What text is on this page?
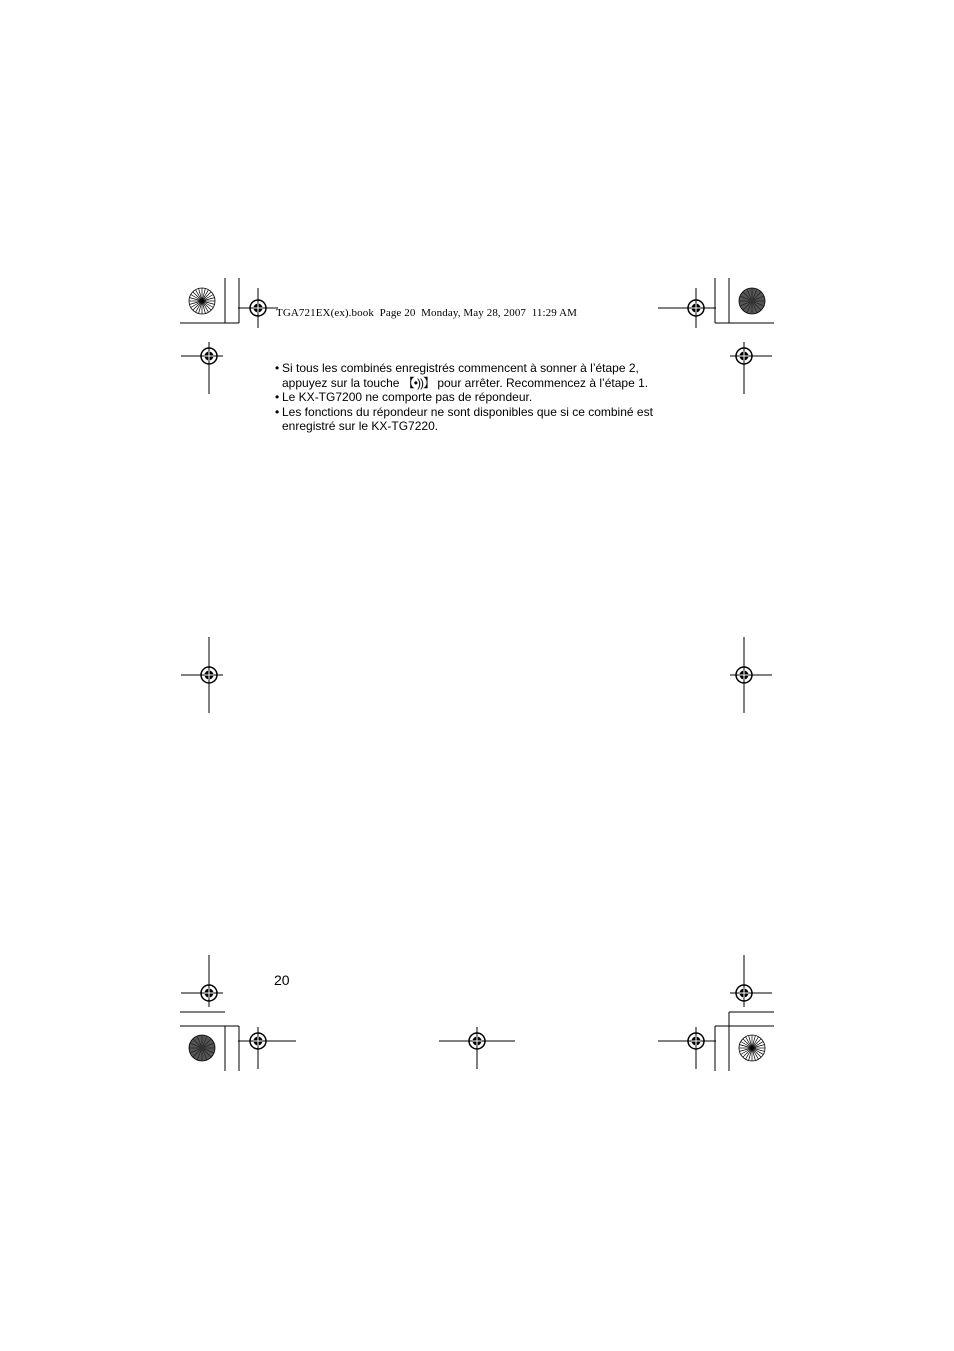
TGA721EX(ex).book  Page 20  Monday, May 28, 2007  11:29 AM
• Si tous les combinés enregistrés commencent à sonner à l’étape 2, appuyez sur la touche 【•))】 pour arrêter. Recommencez à l’étape 1.
• Le KX-TG7200 ne comporte pas de répondeur.
• Les fonctions du répondeur ne sont disponibles que si ce combiné est enregistré sur le KX-TG7220.
20
